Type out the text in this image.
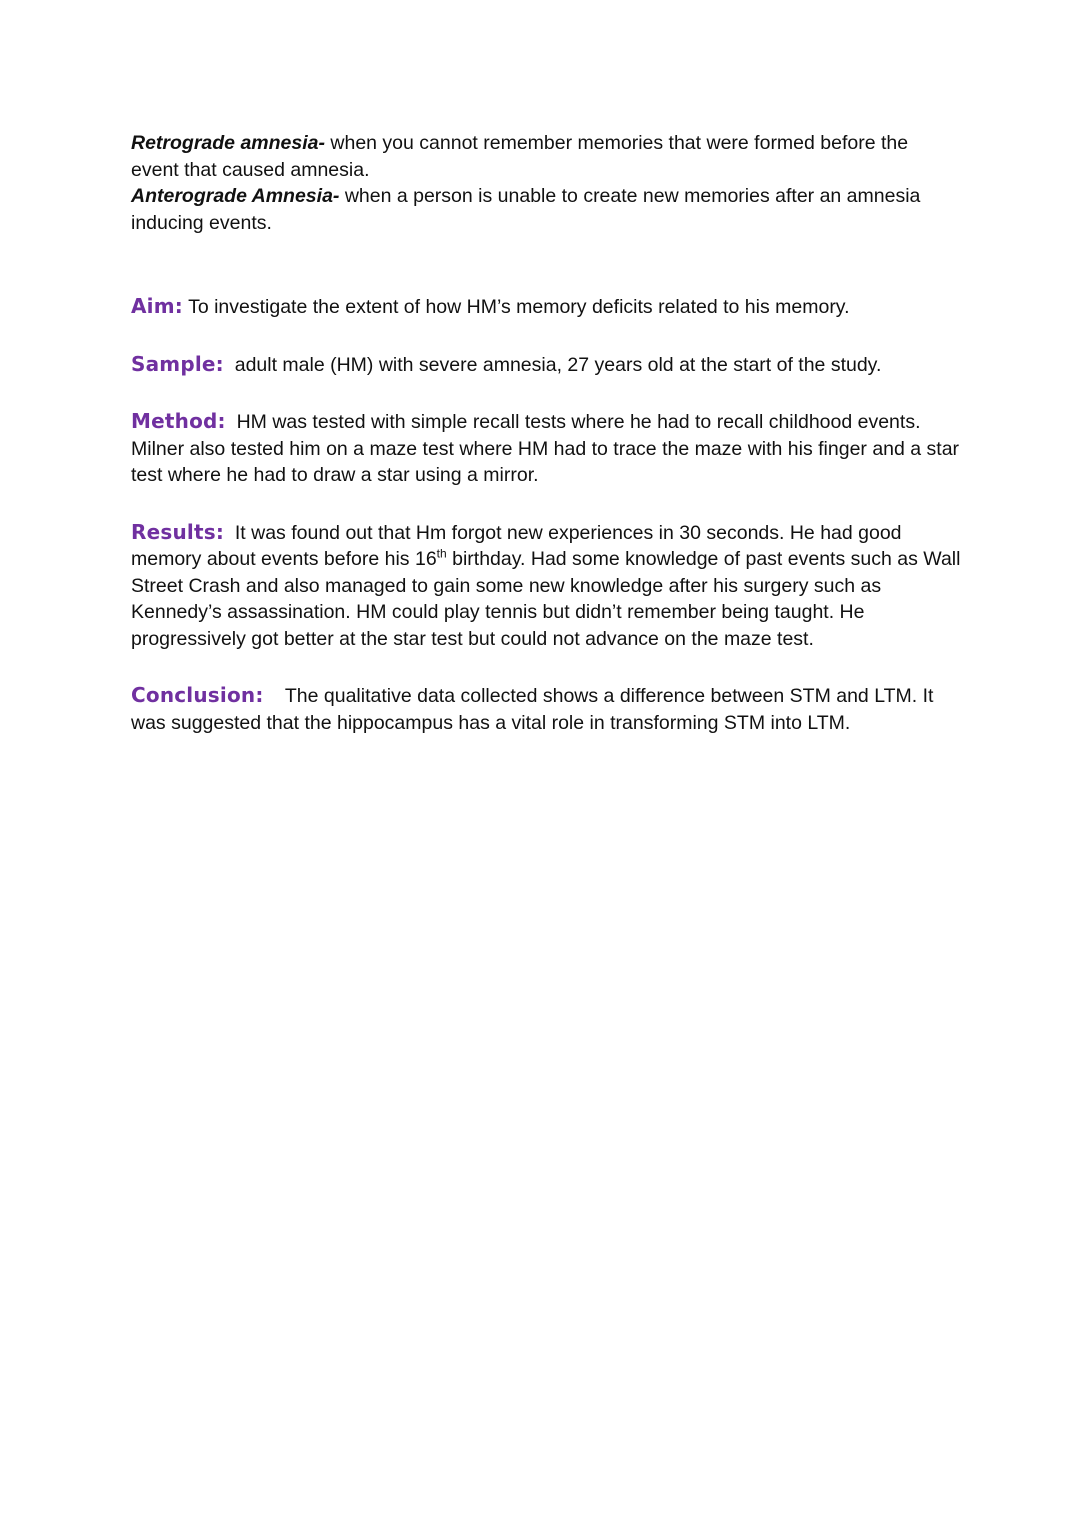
Retrograde amnesia- when you cannot remember memories that were formed before the event that caused amnesia.

Anterograde Amnesia- when a person is unable to create new memories after an amnesia inducing events.

Aim: To investigate the extent of how HM’s memory deficits related to his memory.

Sample: adult male (HM) with severe amnesia, 27 years old at the start of the study.

Method: HM was tested with simple recall tests where he had to recall childhood events. Milner also tested him on a maze test where HM had to trace the maze with his finger and a star test where he had to draw a star using a mirror.

Results: It was found out that Hm forgot new experiences in 30 seconds. He had good memory about events before his 16th birthday. Had some knowledge of past events such as Wall Street Crash and also managed to gain some new knowledge after his surgery such as Kennedy’s assassination. HM could play tennis but didn’t remember being taught. He progressively got better at the star test but could not advance on the maze test.

Conclusion: The qualitative data collected shows a difference between STM and LTM. It was suggested that the hippocampus has a vital role in transforming STM into LTM.
